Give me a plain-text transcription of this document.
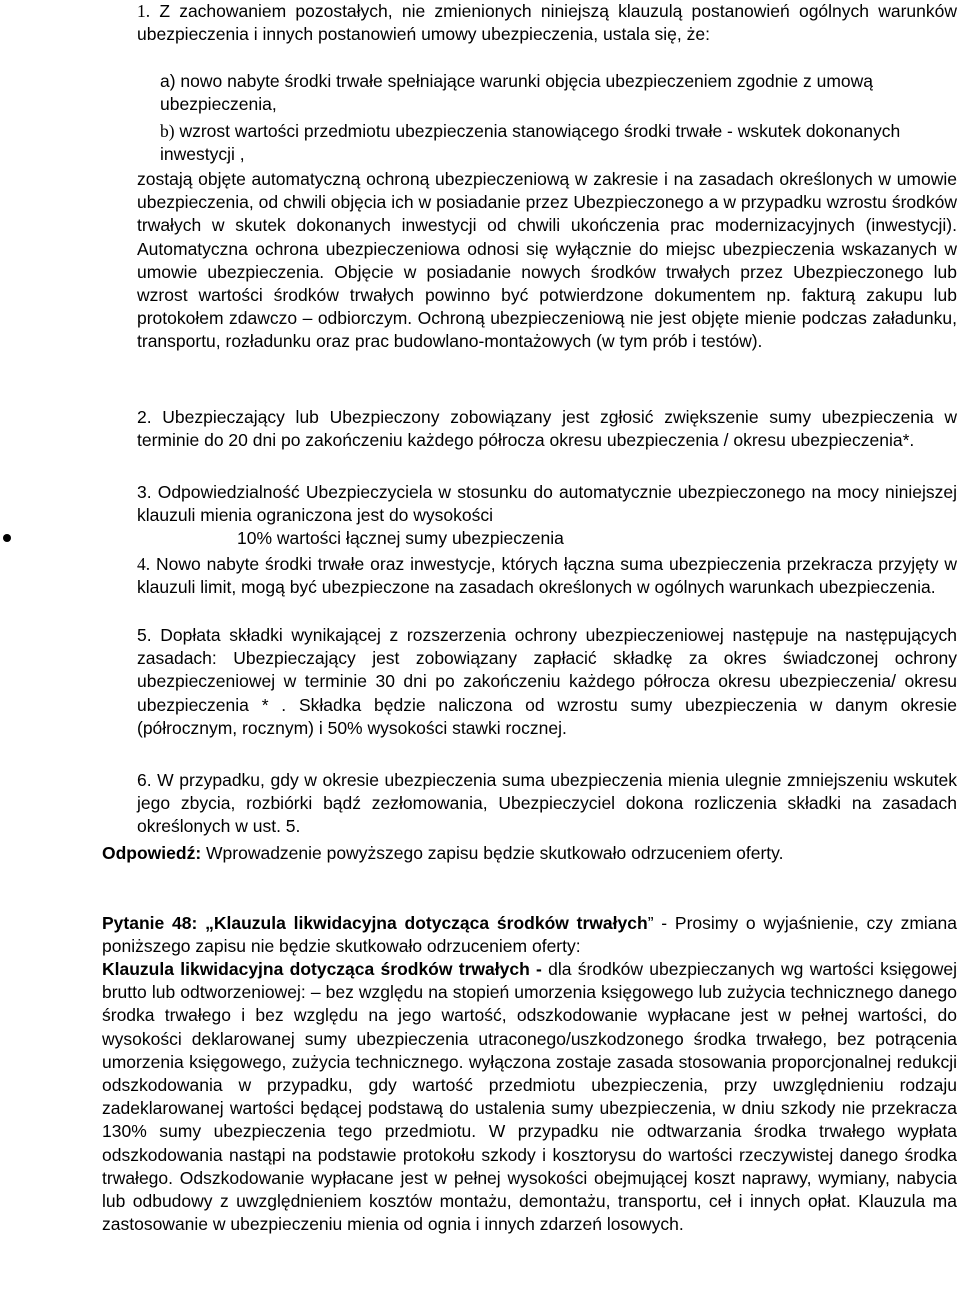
1. Z zachowaniem pozostałych, nie zmienionych niniejszą klauzulą postanowień ogólnych warunków ubezpieczenia i innych postanowień umowy ubezpieczenia, ustala się, że:

a) nowo nabyte środki trwałe spełniające warunki objęcia ubezpieczeniem zgodnie z umową ubezpieczenia,

b) wzrost wartości przedmiotu ubezpieczenia stanowiącego środki trwałe - wskutek dokonanych inwestycji ,

zostają objęte automatyczną ochroną ubezpieczeniową w zakresie i na zasadach określonych w umowie ubezpieczenia, od chwili objęcia ich w posiadanie przez Ubezpieczonego a w przypadku wzrostu środków trwałych w skutek dokonanych inwestycji od chwili ukończenia prac modernizacyjnych (inwestycji). Automatyczna ochrona ubezpieczeniowa odnosi się wyłącznie do miejsc ubezpieczenia wskazanych w umowie ubezpieczenia. Objęcie w posiadanie nowych środków trwałych przez Ubezpieczonego lub wzrost wartości środków trwałych powinno być potwierdzone dokumentem np. fakturą zakupu lub protokołem zdawczo – odbiorczym. Ochroną ubezpieczeniową nie jest objęte mienie podczas załadunku, transportu, rozładunku oraz prac budowlano-montażowych (w tym prób i testów).

2. Ubezpieczający lub Ubezpieczony zobowiązany jest zgłosić zwiększenie sumy ubezpieczenia w terminie do 20 dni po zakończeniu każdego półrocza okresu ubezpieczenia / okresu ubezpieczenia*.

3. Odpowiedzialność Ubezpieczyciela w stosunku do automatycznie ubezpieczonego na mocy niniejszej klauzuli mienia ograniczona jest do wysokości

10% wartości łącznej sumy ubezpieczenia

4. Nowo nabyte środki trwałe oraz inwestycje, których łączna suma ubezpieczenia przekracza przyjęty w klauzuli limit, mogą być ubezpieczone na zasadach określonych w ogólnych warunkach ubezpieczenia.

5. Dopłata składki wynikającej z rozszerzenia ochrony ubezpieczeniowej następuje na następujących zasadach: Ubezpieczający jest zobowiązany zapłacić składkę za okres świadczonej ochrony ubezpieczeniowej w terminie 30 dni po zakończeniu każdego półrocza okresu ubezpieczenia/ okresu ubezpieczenia * . Składka będzie naliczona od wzrostu sumy ubezpieczenia w danym okresie (półrocznym, rocznym) i 50% wysokości stawki rocznej.

6. W przypadku, gdy w okresie ubezpieczenia suma ubezpieczenia mienia ulegnie zmniejszeniu wskutek jego zbycia, rozbiórki bądź zezłomowania, Ubezpieczyciel dokona rozliczenia składki na zasadach określonych w ust. 5.

Odpowiedź: Wprowadzenie powyższego zapisu będzie skutkowało odrzuceniem oferty.

Pytanie 48: „Klauzula likwidacyjna dotycząca środków trwałych” - Prosimy o wyjaśnienie, czy zmiana poniższego zapisu nie będzie skutkowało odrzuceniem oferty:

Klauzula likwidacyjna dotycząca środków trwałych - dla środków ubezpieczanych wg wartości księgowej brutto lub odtworzeniowej: – bez względu na stopień umorzenia księgowego lub zużycia technicznego danego środka trwałego i bez względu na jego wartość, odszkodowanie wypłacane jest w pełnej wartości, do wysokości deklarowanej sumy ubezpieczenia utraconego/uszkodzonego środka trwałego, bez potrącenia umorzenia księgowego, zużycia technicznego. wyłączona zostaje zasada stosowania proporcjonalnej redukcji odszkodowania w przypadku, gdy wartość przedmiotu ubezpieczenia, przy uwzględnieniu rodzaju zadeklarowanej wartości będącej podstawą do ustalenia sumy ubezpieczenia, w dniu szkody nie przekracza 130% sumy ubezpieczenia tego przedmiotu. W przypadku nie odtwarzania środka trwałego wypłata odszkodowania nastąpi na podstawie protokołu szkody i kosztorysu do wartości rzeczywistej danego środka trwałego. Odszkodowanie wypłacane jest w pełnej wysokości obejmującej koszt naprawy, wymiany, nabycia lub odbudowy z uwzględnieniem kosztów montażu, demontażu, transportu, ceł i innych opłat. Klauzula ma zastosowanie w ubezpieczeniu mienia od ognia i innych zdarzeń losowych.
